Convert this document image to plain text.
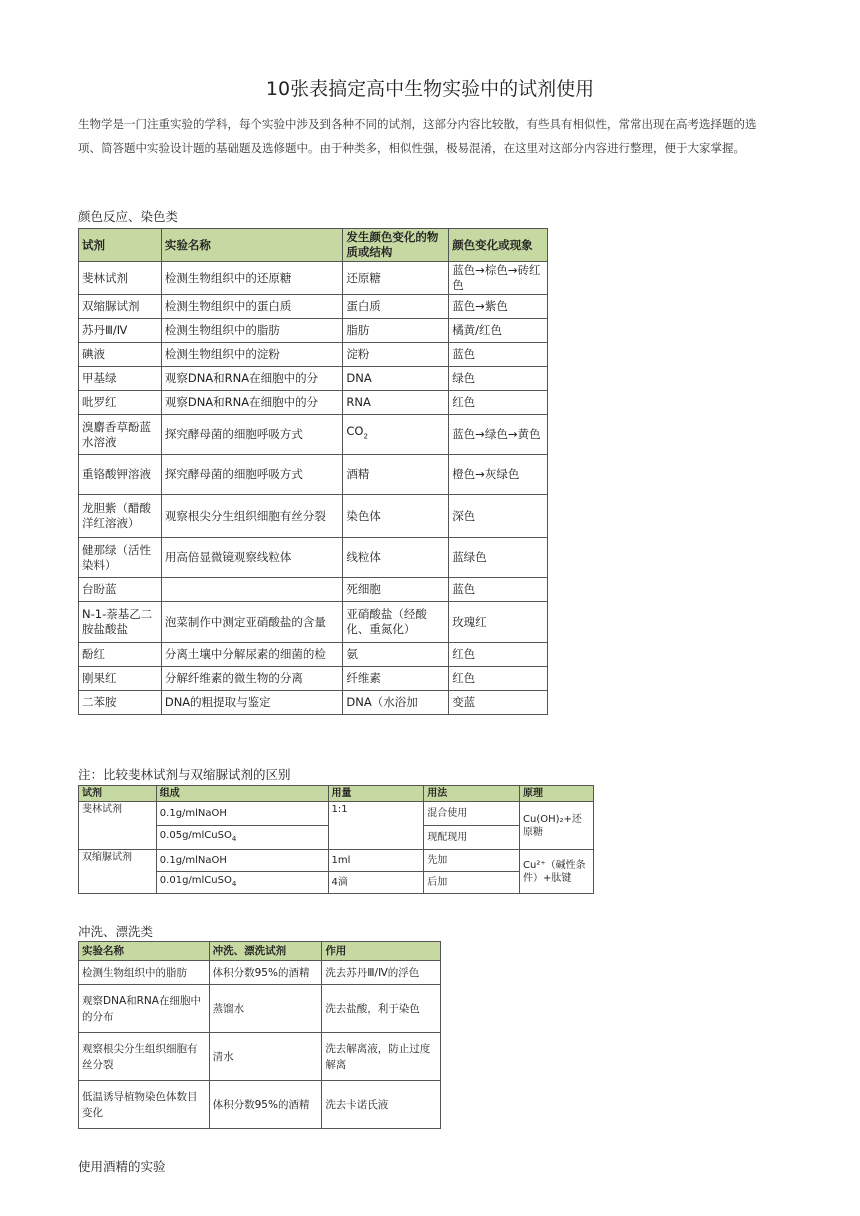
10张表搞定高中生物实验中的试剂使用
生物学是一门注重实验的学科，每个实验中涉及到各种不同的试剂，这部分内容比较散，有些具有相似性，常常出现在高考选择题的选项、简答题中实验设计题的基础题及选修题中。由于种类多，相似性强，极易混淆，在这里对这部分内容进行整理，便于大家掌握。
颜色反应、染色类
试剂	实验名称	发生颜色变化的物质或结构	颜色变化或现象
斐林试剂	检测生物组织中的还原糖	还原糖	蓝色→棕色→砖红色
双缩脲试剂	检测生物组织中的蛋白质	蛋白质	蓝色→紫色
苏丹Ⅲ/Ⅳ	检测生物组织中的脂肪	脂肪	橘黄/红色
碘液	检测生物组织中的淀粉	淀粉	蓝色
甲基绿	观察DNA和RNA在细胞中的分	DNA	绿色
吡罗红	观察DNA和RNA在细胞中的分	RNA	红色
溴麝香草酚蓝水溶液	探究酵母菌的细胞呼吸方式	$CO_2$	蓝色→绿色→黄色
重铬酸钾溶液	探究酵母菌的细胞呼吸方式	酒精	橙色→灰绿色
龙胆紫（醋酸洋红溶液）	观察根尖分生组织细胞有丝分裂	染色体	深色
健那绿（活性染料）	用高倍显微镜观察线粒体	线粒体	蓝绿色
台盼蓝		死细胞	蓝色
N-1-萘基乙二胺盐酸盐	泡菜制作中测定亚硝酸盐的含量	亚硝酸盐（经酸化、重氮化）	玫瑰红
酚红	分离土壤中分解尿素的细菌的检	氨	红色
刚果红	分解纤维素的微生物的分离	纤维素	红色
二苯胺	DNA的粗提取与鉴定	DNA（水浴加	变蓝
注：比较斐林试剂与双缩脲试剂的区别
试剂	组成	用量	用法	原理
斐林试剂	0.1g/mlNaOH	1:1	混合使用	Cu(OH)₂+还原糖
	0.05g/mlCuSO$_4$		现配现用	
双缩脲试剂	0.1g/mlNaOH	1ml	先加	Cu²⁺（碱性条件）+肽键
	0.01g/mlCuSO$_4$	4滴	后加	
冲洗、漂洗类
实验名称	冲洗、漂洗试剂	作用
检测生物组织中的脂肪	体积分数95%的酒精	洗去苏丹Ⅲ/Ⅳ的浮色
观察DNA和RNA在细胞中的分布	蒸馏水	洗去盐酸，利于染色
观察根尖分生组织细胞有丝分裂	清水	洗去解离液，防止过度解离
低温诱导植物染色体数目变化	体积分数95%的酒精	洗去卡诺氏液
使用酒精的实验
